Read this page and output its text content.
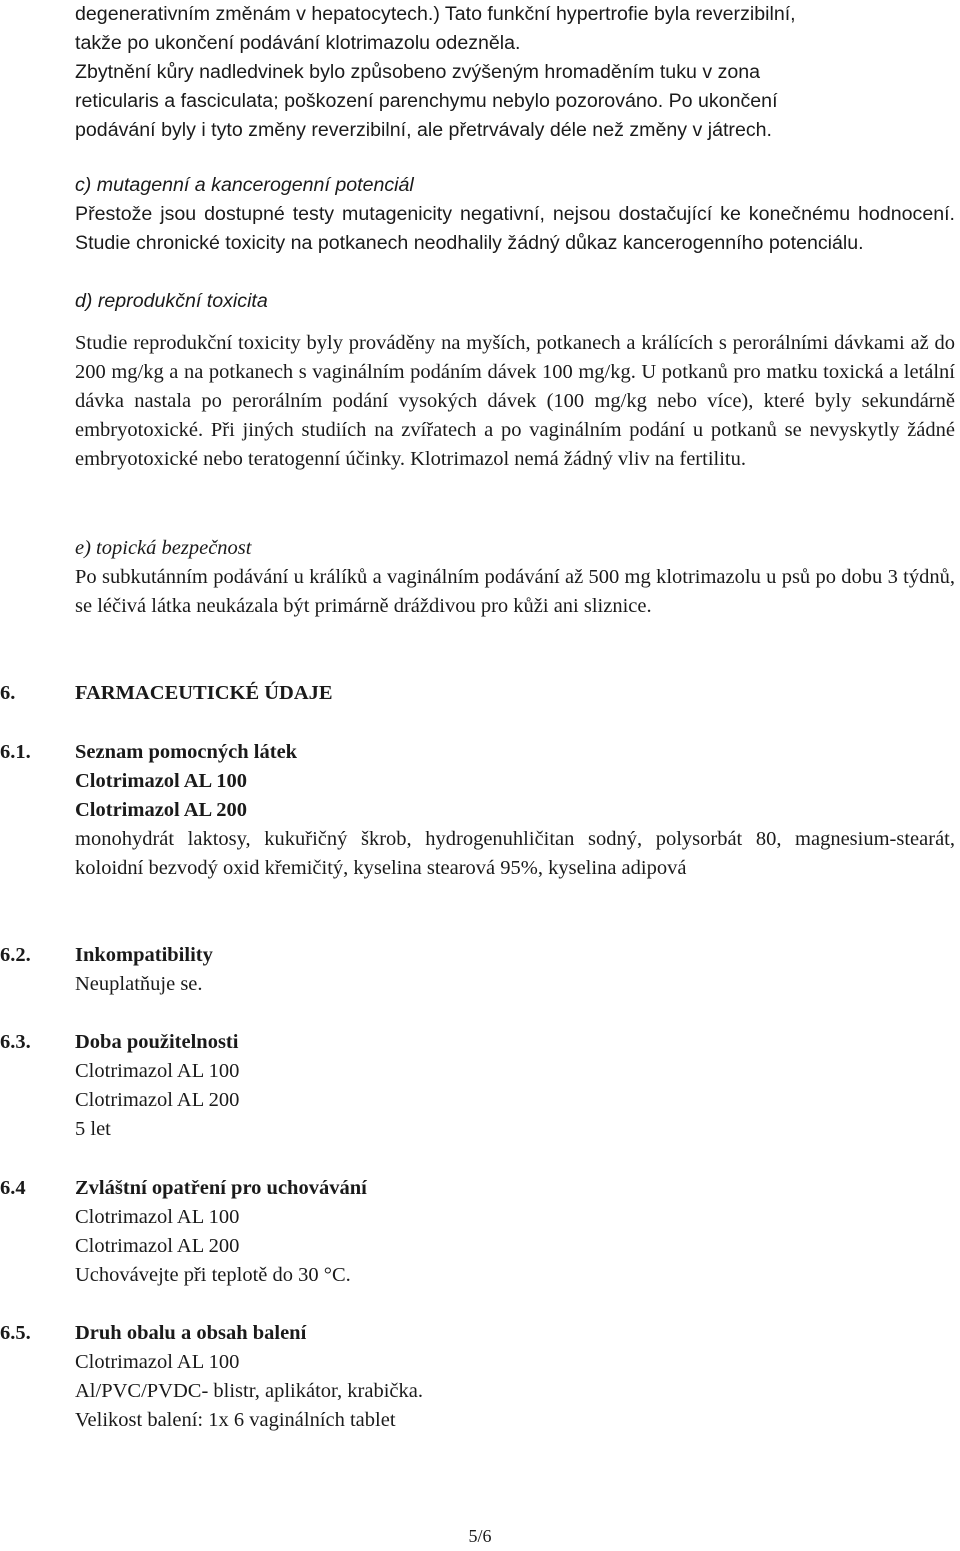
degenerativním změnám v hepatocytech.) Tato funkční hypertrofie byla reverzibilní,

takže po ukončení podávání klotrimazolu odezněla.

Zbytnění kůry nadledvinek bylo způsobeno zvýšeným hromaděním tuku v zona

reticularis a fasciculata; poškození parenchymu nebylo pozorováno. Po ukončení

podávání byly i tyto změny reverzibilní, ale přetrvávaly déle než změny v játrech.

c) mutagenní a kancerogenní potenciál

Přestože jsou dostupné testy mutagenicity negativní, nejsou dostačující ke konečnému hodnocení. Studie chronické toxicity na potkanech neodhalily žádný důkaz kancerogenního potenciálu.

d) reprodukční toxicita

Studie reprodukční toxicity byly prováděny na myších, potkanech a králících s perorálními dávkami až do 200 mg/kg a na potkanech s vaginálním podáním dávek 100 mg/kg. U potkanů pro matku toxická a letální dávka nastala po perorálním podání vysokých dávek (100 mg/kg nebo více), které byly sekundárně embryotoxické. Při jiných studiích na zvířatech a po vaginálním podání u potkanů se nevyskytly žádné embryotoxické nebo teratogenní účinky. Klotrimazol nemá žádný vliv na fertilitu.

e) topická bezpečnost

Po subkutánním podávání u králíků a vaginálním podávání až 500 mg klotrimazolu u psů po dobu 3 týdnů, se léčivá látka neukázala být primárně dráždivou pro kůži ani sliznice.

6.	FARMACEUTICKÉ ÚDAJE

6.1. Seznam pomocných látek

Clotrimazol AL 100

Clotrimazol AL 200

monohydrát laktosy, kukuřičný škrob, hydrogenuhličitan sodný, polysorbát 80, magnesium-stearát, koloidní bezvodý oxid křemičitý, kyselina stearová 95%, kyselina adipová

6.2. Inkompatibility

Neuplatňuje se.

6.3. Doba použitelnosti

Clotrimazol AL 100

Clotrimazol AL 200

5 let

6.4 Zvláštní opatření pro uchovávání

Clotrimazol AL 100

Clotrimazol AL 200

Uchovávejte při teplotě do 30 °C.

6.5. Druh obalu a obsah balení

Clotrimazol AL 100

Al/PVC/PVDC- blistr, aplikátor, krabička.

Velikost balení: 1x 6 vaginálních tablet

5/6
